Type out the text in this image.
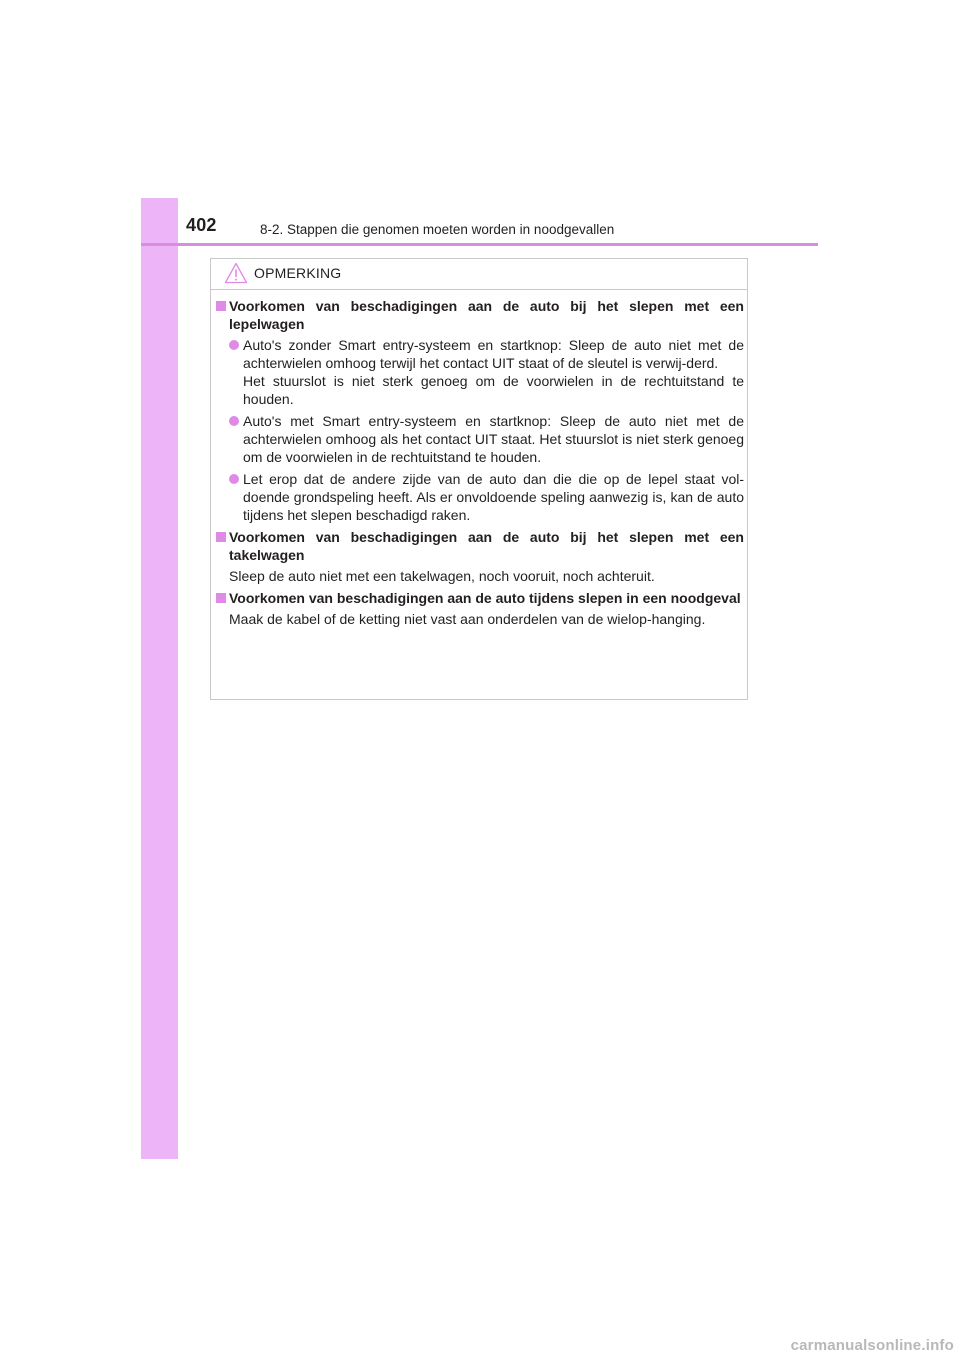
402	8-2. Stappen die genomen moeten worden in noodgevallen
OPMERKING
Voorkomen van beschadigingen aan de auto bij het slepen met een lepelwagen

Auto's zonder Smart entry-systeem en startknop: Sleep de auto niet met de achterwielen omhoog terwijl het contact UIT staat of de sleutel is verwij-derd.

Het stuurslot is niet sterk genoeg om de voorwielen in de rechtuitstand te houden.

Auto's met Smart entry-systeem en startknop: Sleep de auto niet met de achterwielen omhoog als het contact UIT staat. Het stuurslot is niet sterk genoeg om de voorwielen in de rechtuitstand te houden.

Let erop dat de andere zijde van de auto dan die die op de lepel staat vol-doende grondspeling heeft. Als er onvoldoende speling aanwezig is, kan de auto tijdens het slepen beschadigd raken.

Voorkomen van beschadigingen aan de auto bij het slepen met een takelwagen

Sleep de auto niet met een takelwagen, noch vooruit, noch achteruit.

Voorkomen van beschadigingen aan de auto tijdens slepen in een noodgeval

Maak de kabel of de ketting niet vast aan onderdelen van de wielop-hanging.

carmanualsonline.info
